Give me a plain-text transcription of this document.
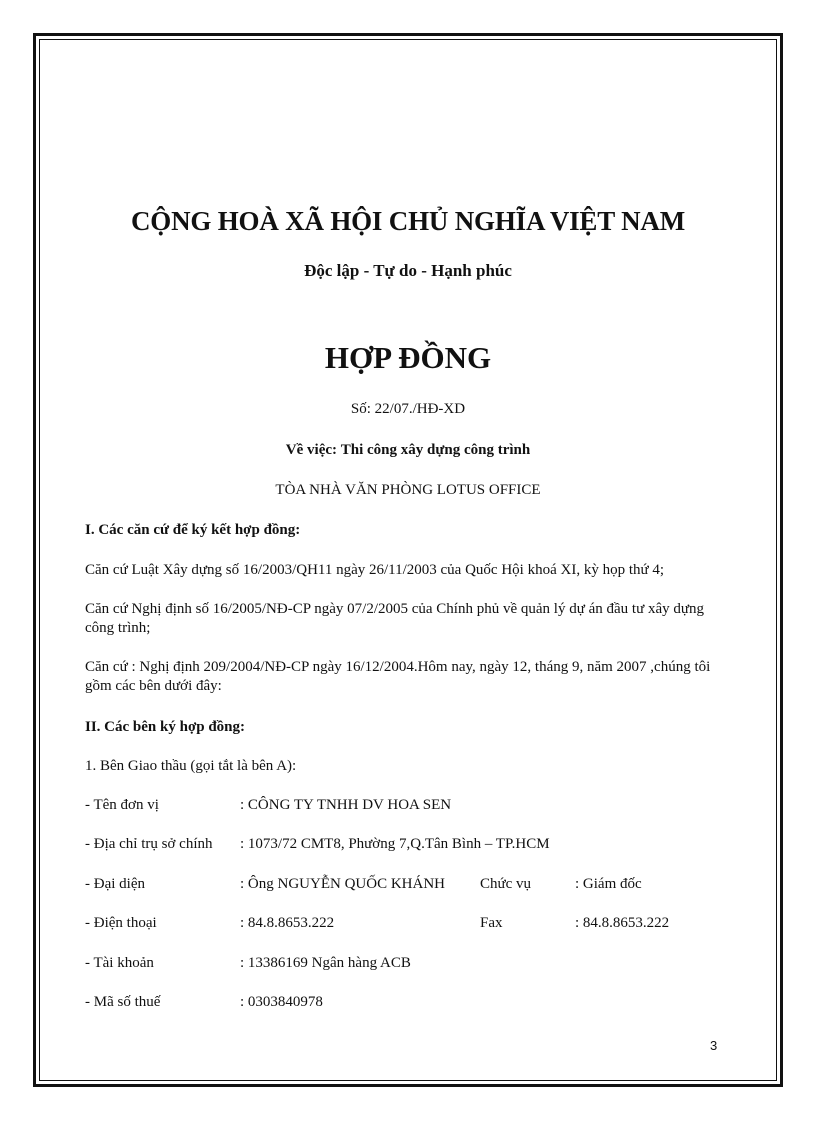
CỘNG HOÀ XÃ HỘI CHỦ NGHĨA VIỆT NAM
Độc lập - Tự do - Hạnh phúc
HỢP ĐỒNG
Số: 22/07./HĐ-XD
Về việc: Thi công xây dựng công trình
TÒA NHÀ VĂN PHÒNG LOTUS OFFICE
I. Các căn cứ để ký kết hợp đồng:
Căn cứ Luật Xây dựng số 16/2003/QH11 ngày 26/11/2003 của Quốc Hội khoá XI, kỳ họp thứ 4;
Căn cứ Nghị định số 16/2005/NĐ-CP ngày 07/2/2005 của Chính phủ về quản lý dự án đầu tư xây dựng công trình;
Căn cứ : Nghị định 209/2004/NĐ-CP ngày 16/12/2004.Hôm nay, ngày 12, tháng 9, năm 2007 ,chúng tôi gồm các bên dưới đây:
II. Các bên ký hợp đồng:
1. Bên Giao thầu (gọi tắt là bên A):
- Tên đơn vị	: CÔNG TY TNHH DV HOA SEN
- Địa chỉ trụ sở chính : 1073/72 CMT8, Phường 7,Q.Tân Bình – TP.HCM
- Đại diện	: Ông NGUYỄN QUỐC KHÁNH Chức vụ	: Giám đốc
- Điện thoại	: 84.8.8653.222	Fax	: 84.8.8653.222
- Tài khoản	: 13386169 Ngân hàng ACB
- Mã số thuế	: 0303840978
3
